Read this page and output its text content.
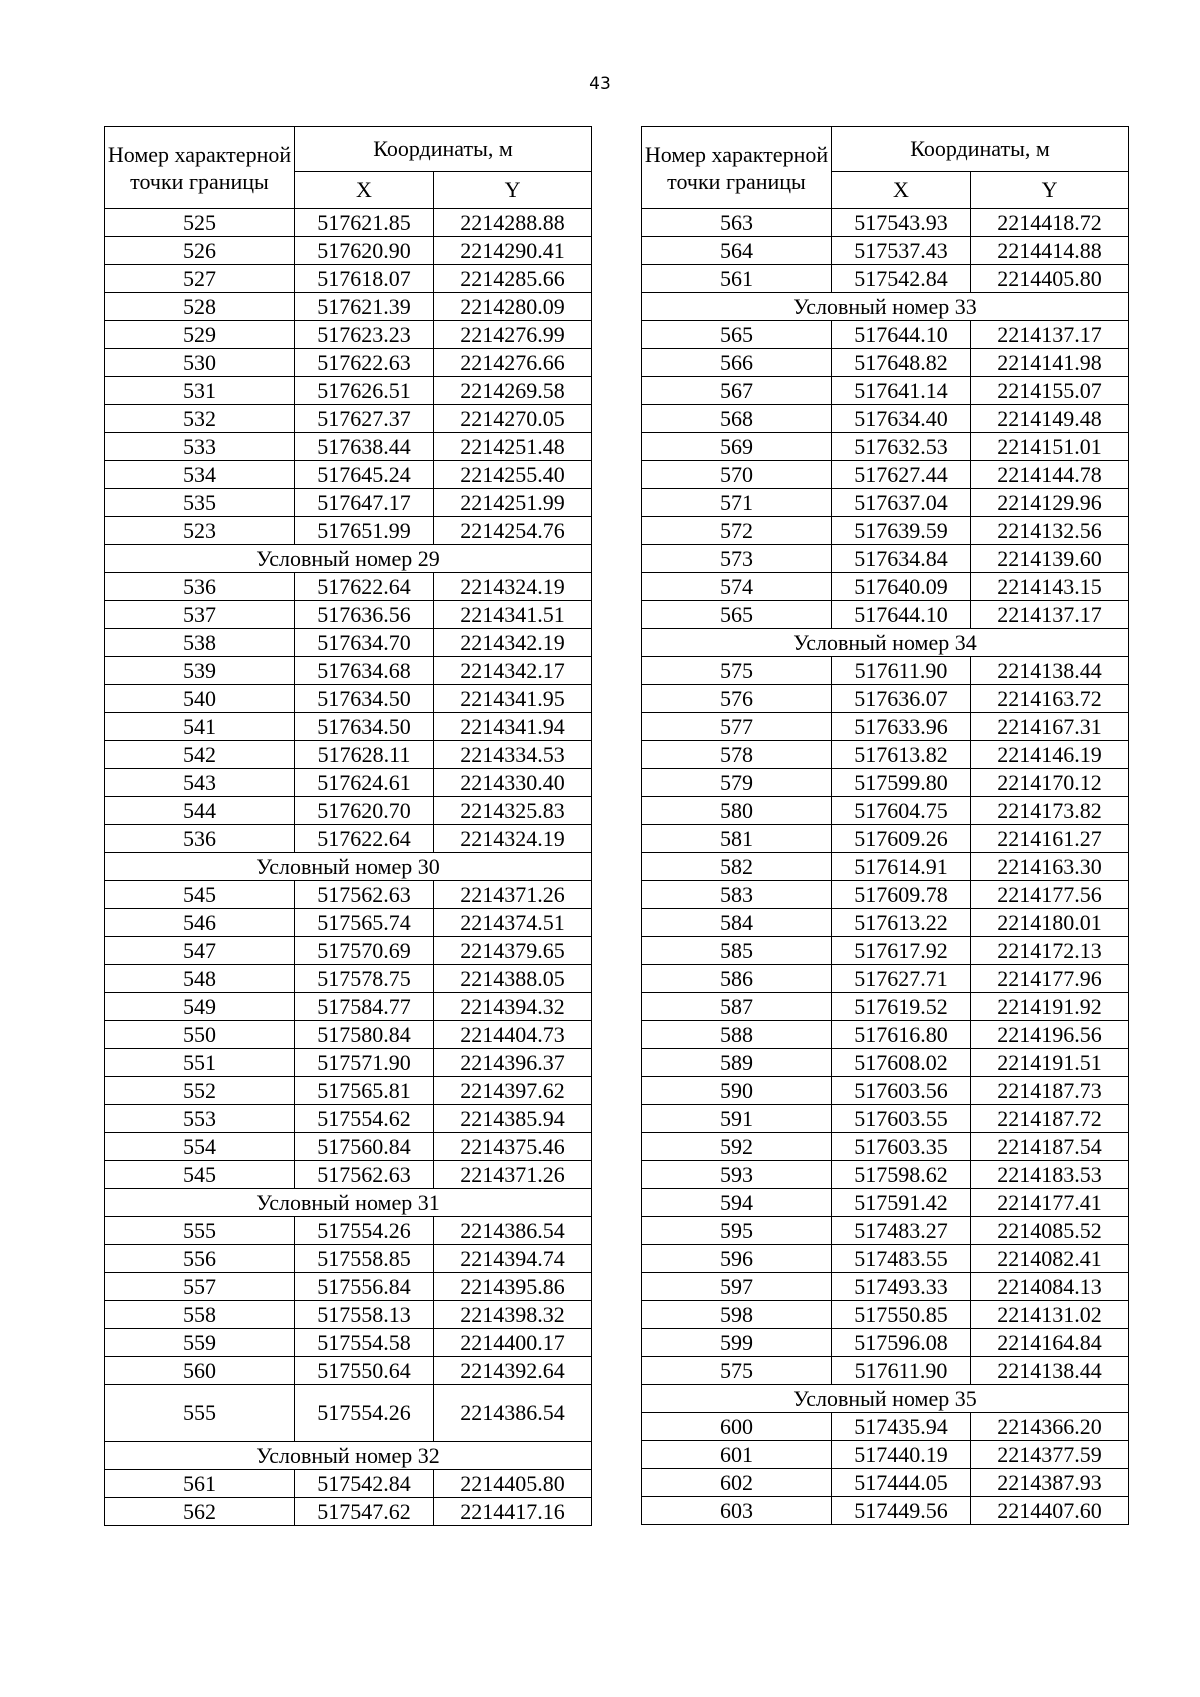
43
Номер характерной точки границы	Координаты, м	
	X	Y
525	517621.85	2214288.88
526	517620.90	2214290.41
527	517618.07	2214285.66
528	517621.39	2214280.09
529	517623.23	2214276.99
530	517622.63	2214276.66
531	517626.51	2214269.58
532	517627.37	2214270.05
533	517638.44	2214251.48
534	517645.24	2214255.40
535	517647.17	2214251.99
523	517651.99	2214254.76
Условный номер 29		
536	517622.64	2214324.19
537	517636.56	2214341.51
538	517634.70	2214342.19
539	517634.68	2214342.17
540	517634.50	2214341.95
541	517634.50	2214341.94
542	517628.11	2214334.53
543	517624.61	2214330.40
544	517620.70	2214325.83
536	517622.64	2214324.19
Условный номер 30		
545	517562.63	2214371.26
546	517565.74	2214374.51
547	517570.69	2214379.65
548	517578.75	2214388.05
549	517584.77	2214394.32
550	517580.84	2214404.73
551	517571.90	2214396.37
552	517565.81	2214397.62
553	517554.62	2214385.94
554	517560.84	2214375.46
545	517562.63	2214371.26
Условный номер 31		
555	517554.26	2214386.54
556	517558.85	2214394.74
557	517556.84	2214395.86
558	517558.13	2214398.32
559	517554.58	2214400.17
560	517550.64	2214392.64
555	517554.26	2214386.54
Условный номер 32		
561	517542.84	2214405.80
562	517547.62	2214417.16
Номер характерной точки границы	Координаты, м	
	X	Y
563	517543.93	2214418.72
564	517537.43	2214414.88
561	517542.84	2214405.80
Условный номер 33		
565	517644.10	2214137.17
566	517648.82	2214141.98
567	517641.14	2214155.07
568	517634.40	2214149.48
569	517632.53	2214151.01
570	517627.44	2214144.78
571	517637.04	2214129.96
572	517639.59	2214132.56
573	517634.84	2214139.60
574	517640.09	2214143.15
565	517644.10	2214137.17
Условный номер 34		
575	517611.90	2214138.44
576	517636.07	2214163.72
577	517633.96	2214167.31
578	517613.82	2214146.19
579	517599.80	2214170.12
580	517604.75	2214173.82
581	517609.26	2214161.27
582	517614.91	2214163.30
583	517609.78	2214177.56
584	517613.22	2214180.01
585	517617.92	2214172.13
586	517627.71	2214177.96
587	517619.52	2214191.92
588	517616.80	2214196.56
589	517608.02	2214191.51
590	517603.56	2214187.73
591	517603.55	2214187.72
592	517603.35	2214187.54
593	517598.62	2214183.53
594	517591.42	2214177.41
595	517483.27	2214085.52
596	517483.55	2214082.41
597	517493.33	2214084.13
598	517550.85	2214131.02
599	517596.08	2214164.84
575	517611.90	2214138.44
Условный номер 35		
600	517435.94	2214366.20
601	517440.19	2214377.59
602	517444.05	2214387.93
603	517449.56	2214407.60
